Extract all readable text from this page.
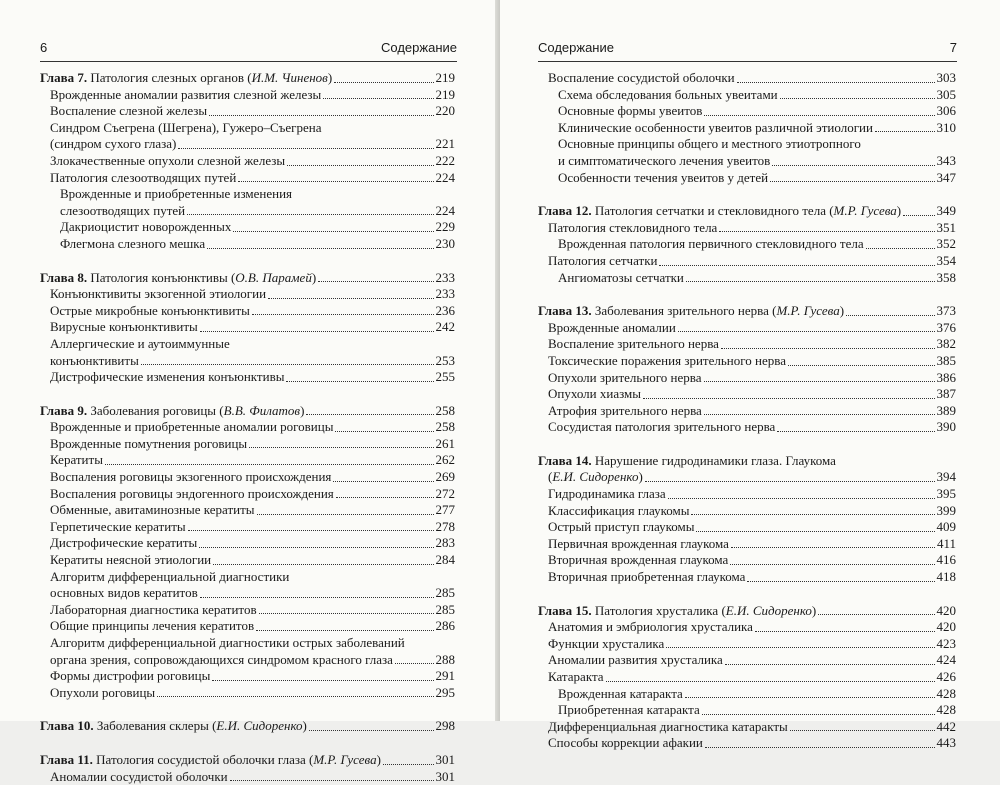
6	Содержание
Глава 7. Патология слезных органов (И.М. Чиненов)	219
Врожденные аномалии развития слезной железы	219
Воспаление слезной железы	220
Синдром Съегрена (Шегрена), Гужеро–Съегрена
(синдром сухого глаза)	221
Злокачественные опухоли слезной железы	222
Патология слезоотводящих путей	224
Врожденные и приобретенные изменения
слезоотводящих путей	224
Дакриоцистит новорожденных	229
Флегмона слезного мешка	230
Глава 8. Патология конъюнктивы (О.В. Парамей)	233
Конъюнктивиты экзогенной этиологии	233
Острые микробные конъюнктивиты	236
Вирусные конъюнктивиты	242
Аллергические и аутоиммунные
конъюнктивиты	253
Дистрофические изменения конъюнктивы	255
Глава 9. Заболевания роговицы (В.В. Филатов)	258
Врожденные и приобретенные аномалии роговицы	258
Врожденные помутнения роговицы	261
Кератиты	262
Воспаления роговицы экзогенного происхождения	269
Воспаления роговицы эндогенного происхождения	272
Обменные, авитаминозные кератиты	277
Герпетические кератиты	278
Дистрофические кератиты	283
Кератиты неясной этиологии	284
Алгоритм дифференциальной диагностики
основных видов кератитов	285
Лабораторная диагностика кератитов	285
Общие принципы лечения кератитов	286
Алгоритм дифференциальной диагностики острых заболеваний
органа зрения, сопровождающихся синдромом красного глаза	288
Формы дистрофии роговицы	291
Опухоли роговицы	295
Глава 10. Заболевания склеры (Е.И. Сидоренко)	298
Глава 11. Патология сосудистой оболочки глаза (М.Р. Гусева)	301
Аномалии сосудистой оболочки	301
Содержание	7
Воспаление сосудистой оболочки	303
Схема обследования больных увеитами	305
Основные формы увеитов	306
Клинические особенности увеитов различной этиологии	310
Основные принципы общего и местного этиотропного
и симптоматического лечения увеитов	343
Особенности течения увеитов у детей	347
Глава 12. Патология сетчатки и стекловидного тела (М.Р. Гусева)	349
Патология стекловидного тела	351
Врожденная патология первичного стекловидного тела	352
Патология сетчатки	354
Ангиоматозы сетчатки	358
Глава 13. Заболевания зрительного нерва (М.Р. Гусева)	373
Врожденные аномалии	376
Воспаление зрительного нерва	382
Токсические поражения зрительного нерва	385
Опухоли зрительного нерва	386
Опухоли хиазмы	387
Атрофия зрительного нерва	389
Сосудистая патология зрительного нерва	390
Глава 14. Нарушение гидродинамики глаза. Глаукома
(Е.И. Сидоренко)	394
Гидродинамика глаза	395
Классификация глаукомы	399
Острый приступ глаукомы	409
Первичная врожденная глаукома	411
Вторичная врожденная глаукома	416
Вторичная приобретенная глаукома	418
Глава 15. Патология хрусталика (Е.И. Сидоренко)	420
Анатомия и эмбриология хрусталика	420
Функции хрусталика	423
Аномалии развития хрусталика	424
Катаракта	426
Врожденная катаракта	428
Приобретенная катаракта	428
Дифференциальная диагностика катаракты	442
Способы коррекции афакии	443
